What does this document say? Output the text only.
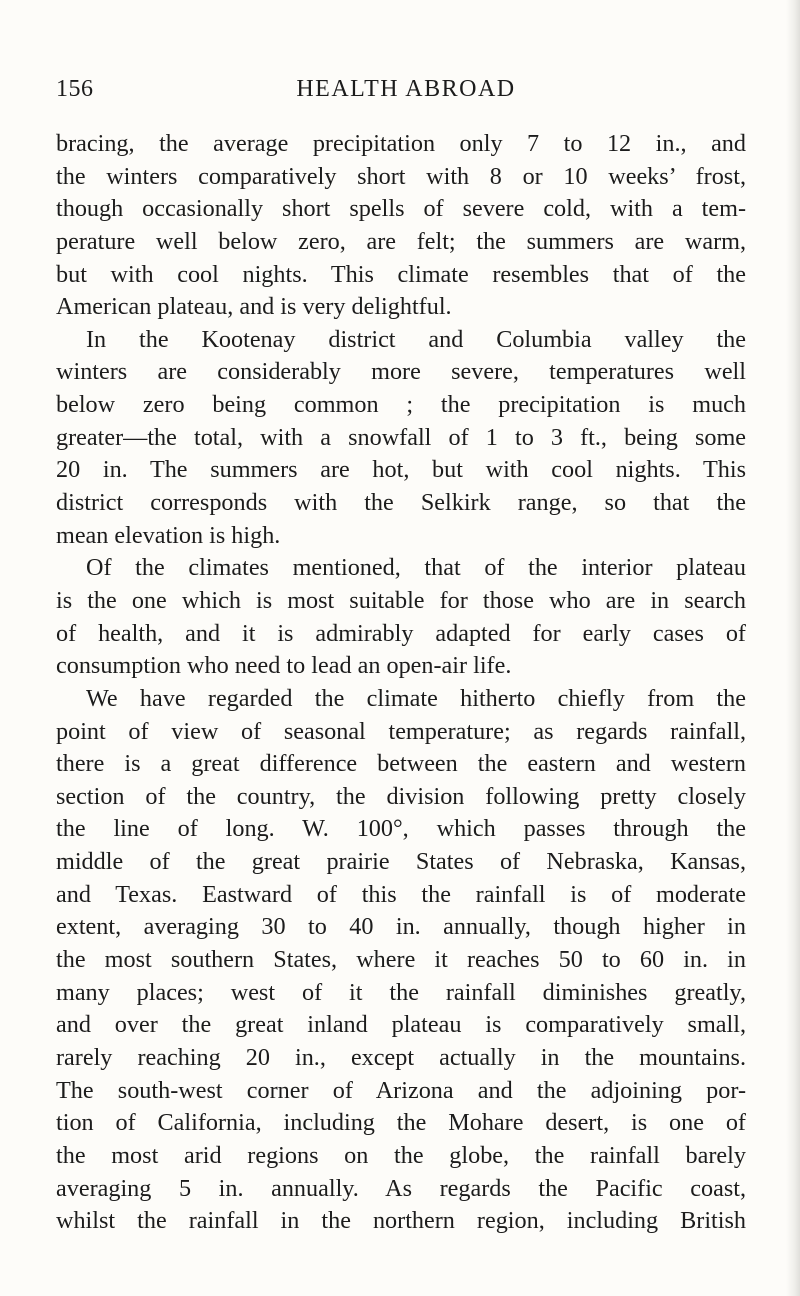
156	HEALTH ABROAD
bracing, the average precipitation only 7 to 12 in., and
the winters comparatively short with 8 or 10 weeks’ frost,
though occasionally short spells of severe cold, with a tem-
perature well below zero, are felt; the summers are warm,
but with cool nights. This climate resembles that of the
American plateau, and is very delightful.
In the Kootenay district and Columbia valley the
winters are considerably more severe, temperatures well
below zero being common ; the precipitation is much
greater—the total, with a snowfall of 1 to 3 ft., being some
20 in. The summers are hot, but with cool nights. This
district corresponds with the Selkirk range, so that the
mean elevation is high.
Of the climates mentioned, that of the interior plateau
is the one which is most suitable for those who are in search
of health, and it is admirably adapted for early cases of
consumption who need to lead an open-air life.
We have regarded the climate hitherto chiefly from the
point of view of seasonal temperature; as regards rainfall,
there is a great difference between the eastern and western
section of the country, the division following pretty closely
the line of long. W. 100°, which passes through the
middle of the great prairie States of Nebraska, Kansas,
and Texas. Eastward of this the rainfall is of moderate
extent, averaging 30 to 40 in. annually, though higher in
the most southern States, where it reaches 50 to 60 in. in
many places; west of it the rainfall diminishes greatly,
and over the great inland plateau is comparatively small,
rarely reaching 20 in., except actually in the mountains.
The south-west corner of Arizona and the adjoining por-
tion of California, including the Mohare desert, is one of
the most arid regions on the globe, the rainfall barely
averaging 5 in. annually. As regards the Pacific coast,
whilst the rainfall in the northern region, including British
